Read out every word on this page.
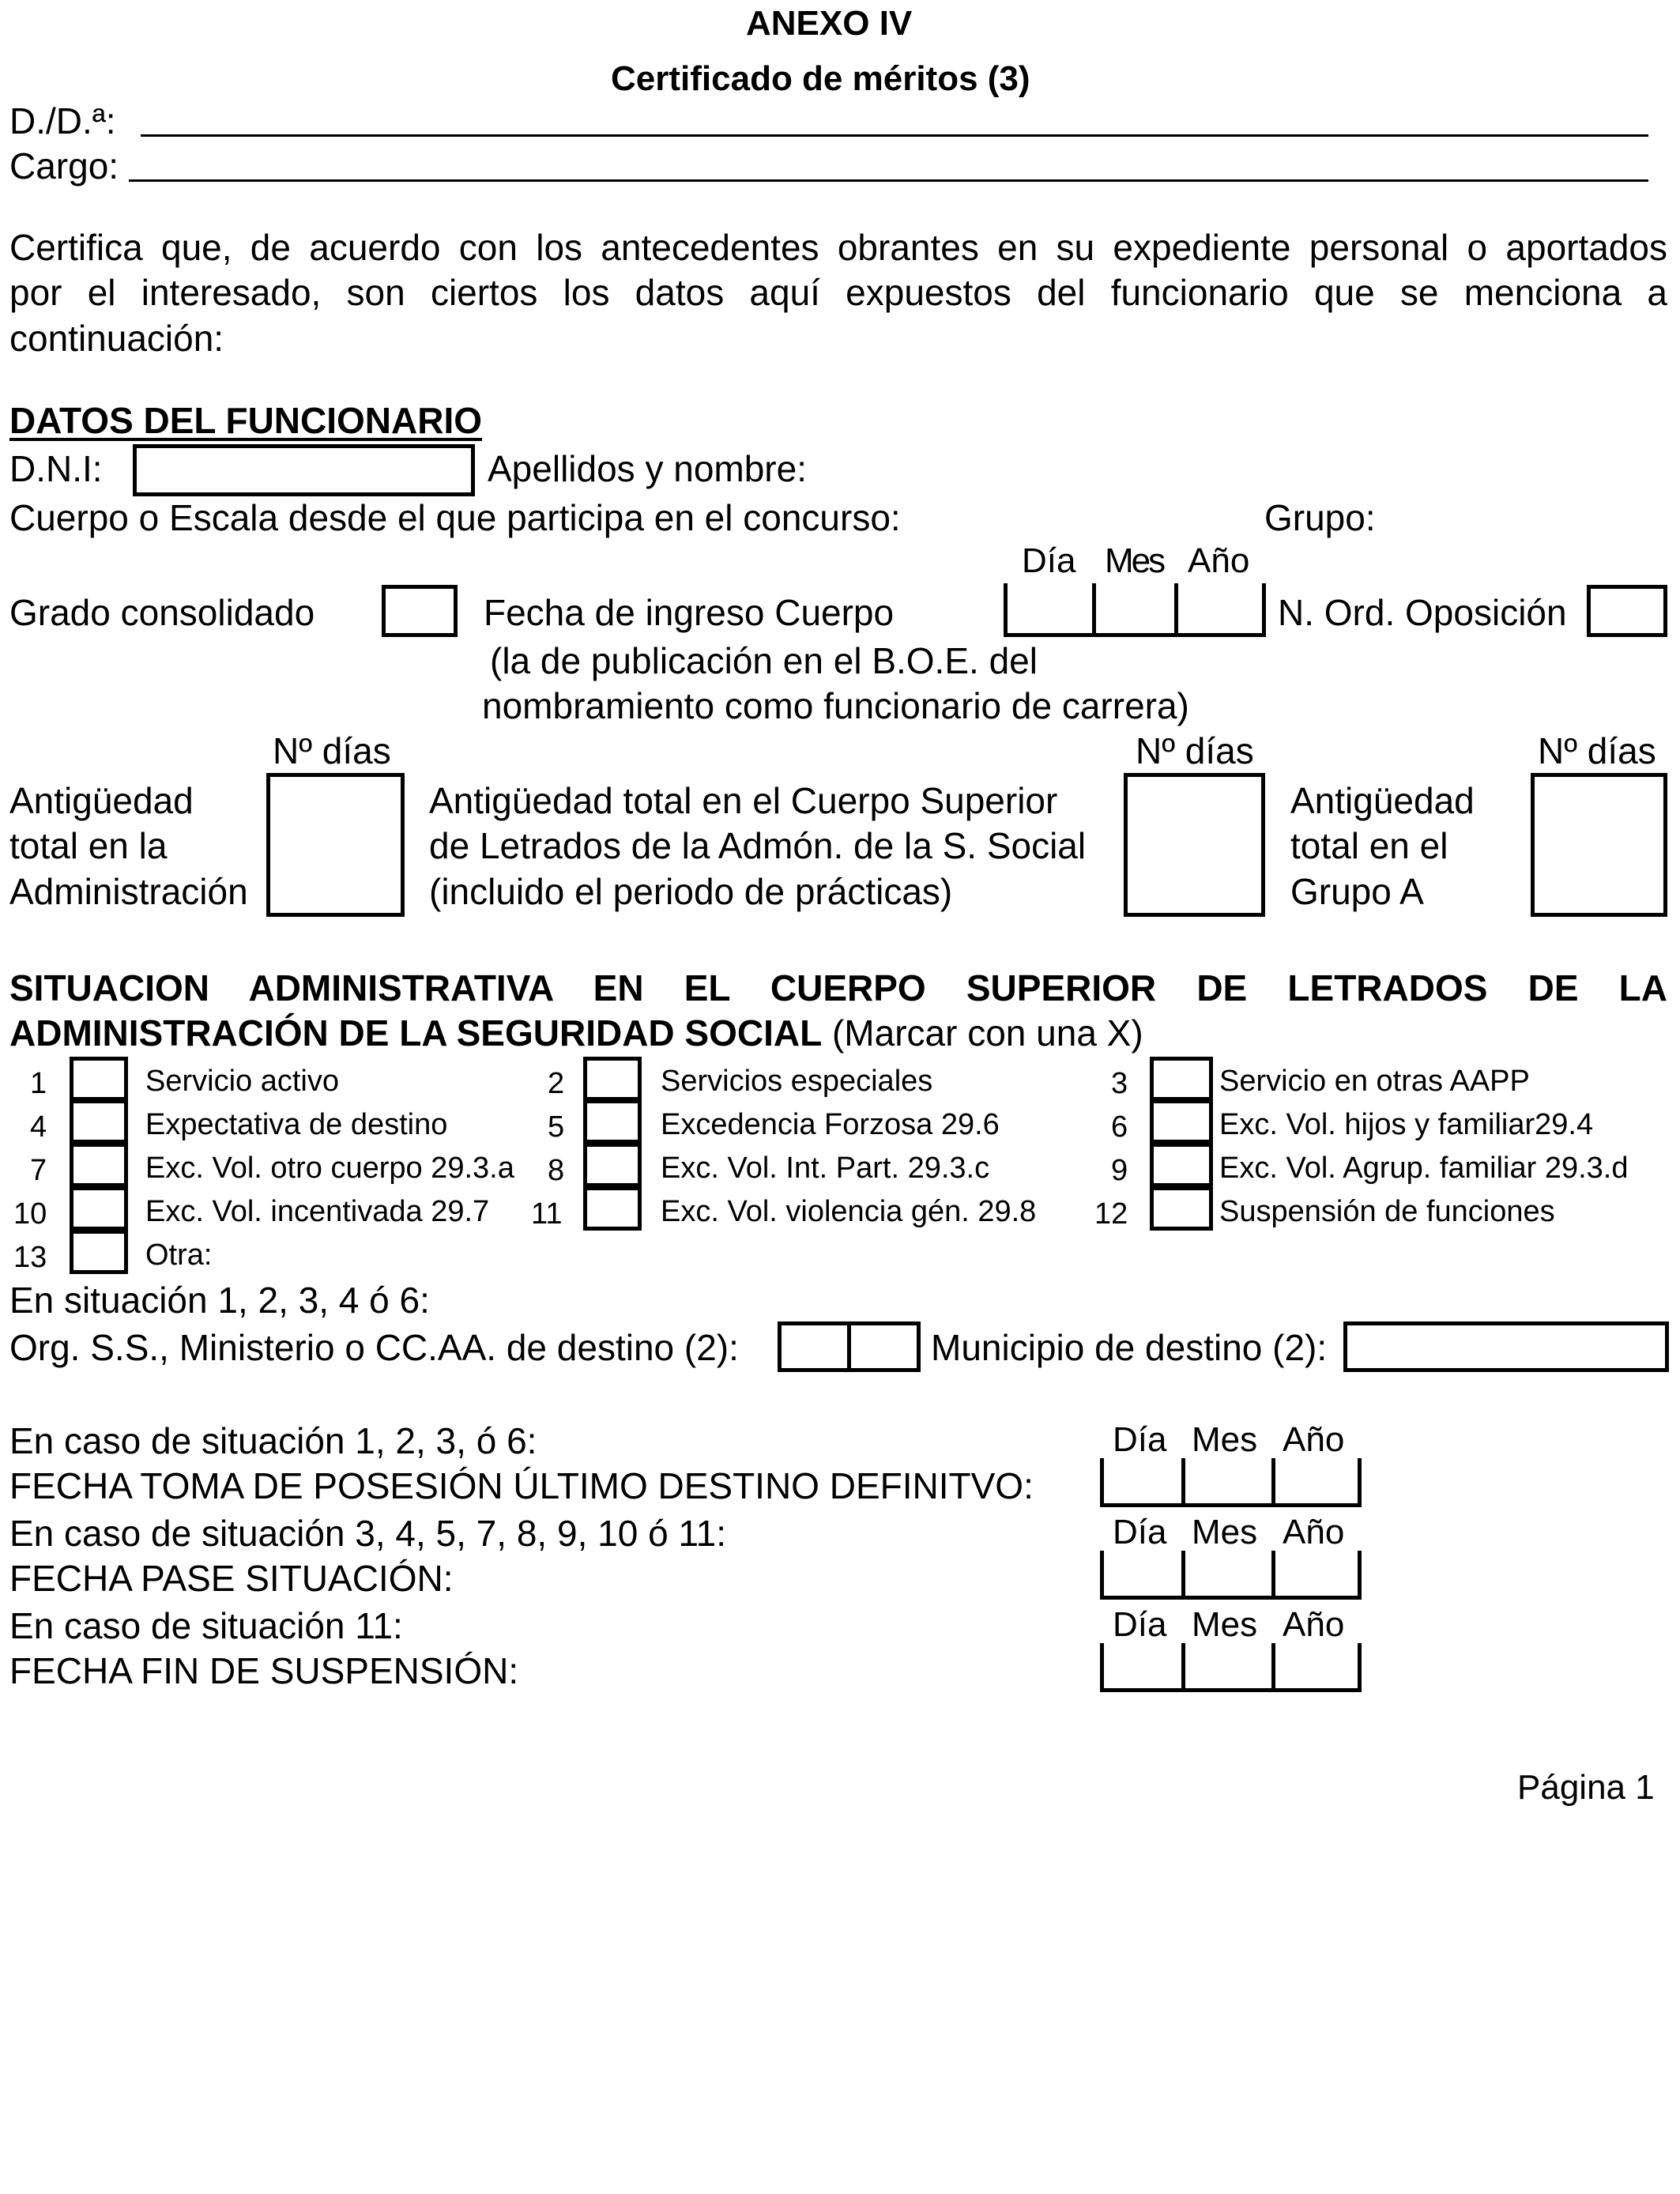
ANEXO IV
Certificado de méritos (3)
D./D.ª:
Cargo:
Certifica que, de acuerdo con los antecedentes obrantes en su expediente personal o aportados
por el interesado, son ciertos los datos aquí expuestos del funcionario que se menciona a
continuación:
DATOS DEL FUNCIONARIO
D.N.I:	Apellidos y nombre:
Cuerpo o Escala desde el que participa en el concurso:	Grupo:
Día Mes Año
Grado consolidado	Fecha de ingreso Cuerpo	N. Ord. Oposición
(la de publicación en el B.O.E. del
nombramiento como funcionario de carrera)
Nº días	Nº días	Nº días
Antigüedad
total en la
Administración
Antigüedad total en el Cuerpo Superior
de Letrados de la Admón. de la S. Social
(incluido el periodo de prácticas)
Antigüedad
total en el
Grupo A
SITUACION ADMINISTRATIVA EN EL CUERPO SUPERIOR DE LETRADOS DE LA
ADMINISTRACIÓN DE LA SEGURIDAD SOCIAL (Marcar con una X)
1	Servicio activo	2	Servicios especiales	3	Servicio en otras AAPP
4	Expectativa de destino	5	Excedencia Forzosa 29.6	6	Exc. Vol. hijos y familiar29.4
7	Exc. Vol. otro cuerpo 29.3.a 8	Exc. Vol. Int. Part. 29.3.c	9	Exc. Vol. Agrup. familiar 29.3.d
10	Exc. Vol. incentivada 29.7 11	Exc. Vol. violencia gén. 29.8 12	Suspensión de funciones
13	Otra:
En situación 1, 2, 3, 4 ó 6:
Org. S.S., Ministerio o CC.AA. de destino (2):	Municipio de destino (2):
En caso de situación 1, 2, 3, ó 6:	Día Mes Año
FECHA TOMA DE POSESIÓN ÚLTIMO DESTINO DEFINITVO:
En caso de situación 3, 4, 5, 7, 8, 9, 10 ó 11:	Día Mes Año
FECHA PASE SITUACIÓN:
En caso de situación 11:	Día Mes Año
FECHA FIN DE SUSPENSIÓN:
Página 1
